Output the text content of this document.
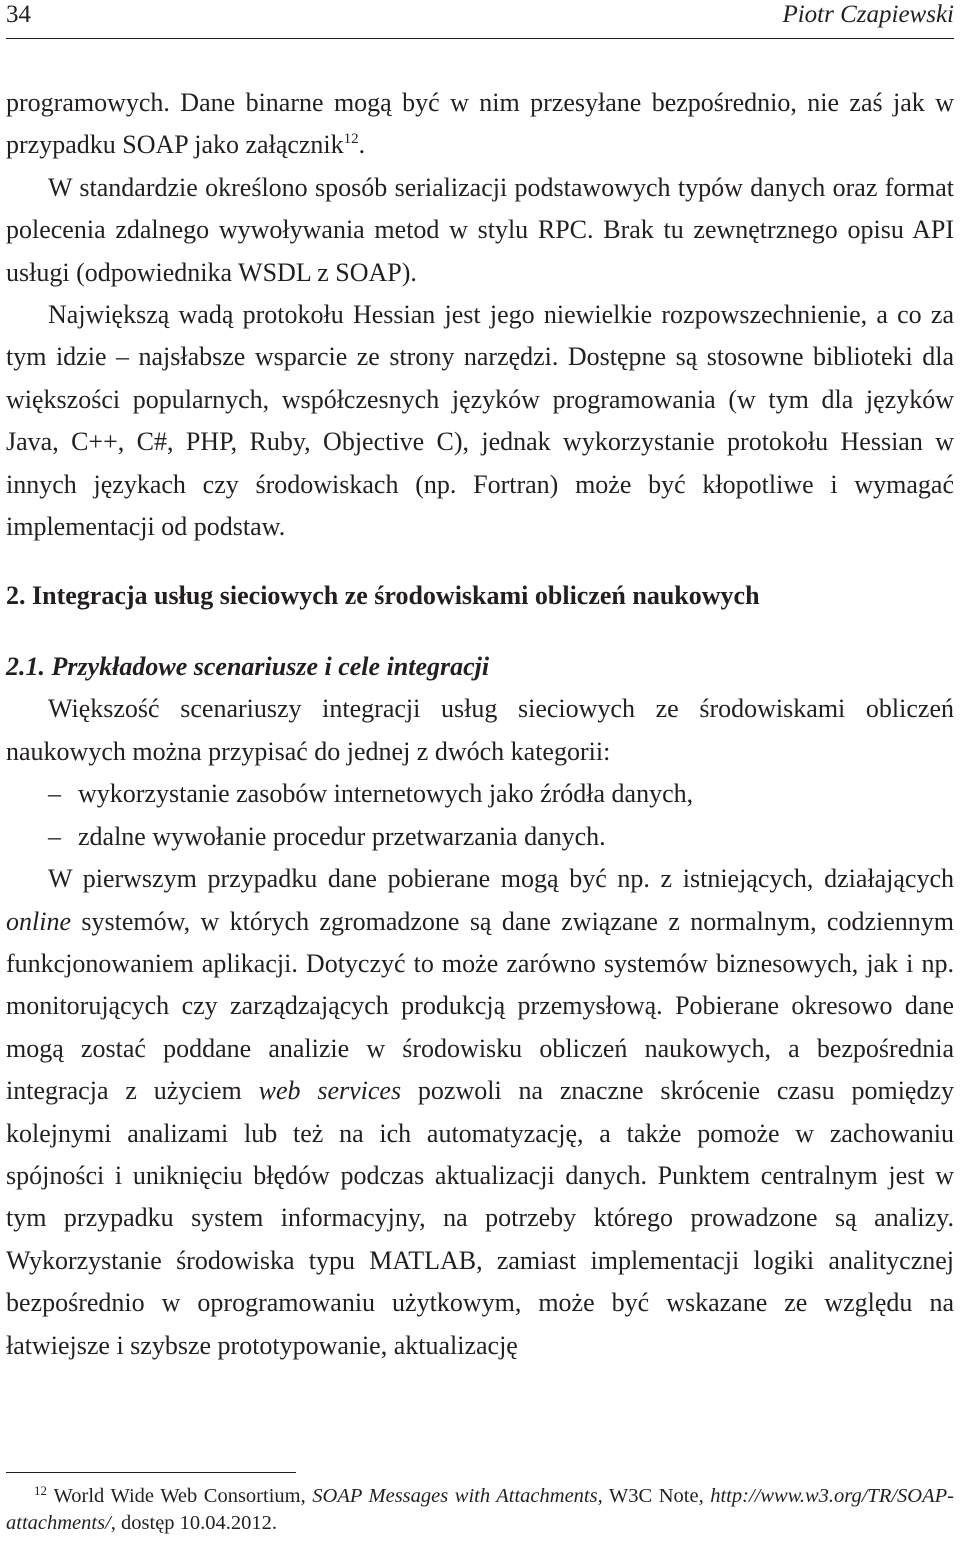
34	Piotr Czapiewski

programowych. Dane binarne mogą być w nim przesyłane bezpośrednio, nie zaś jak w przypadku SOAP jako załącznik$^{12}$.

W standardzie określono sposób serializacji podstawowych typów danych oraz format polecenia zdalnego wywoływania metod w stylu RPC. Brak tu zewnętrznego opisu API usługi (odpowiednika WSDL z SOAP).

Największą wadą protokołu Hessian jest jego niewielkie rozpowszechnienie, a co za tym idzie – najsłabsze wsparcie ze strony narzędzi. Dostępne są stosowne biblioteki dla większości popularnych, współczesnych języków programowania (w tym dla języków Java, C++, C#, PHP, Ruby, Objective C), jednak wykorzystanie protokołu Hessian w innych językach czy środowiskach (np. Fortran) może być kłopotliwe i wymagać implementacji od podstaw.

2. Integracja usług sieciowych ze środowiskami obliczeń naukowych
2.1. Przykładowe scenariusze i cele integracji

Większość scenariuszy integracji usług sieciowych ze środowiskami obliczeń naukowych można przypisać do jednej z dwóch kategorii:

– wykorzystanie zasobów internetowych jako źródła danych,
– zdalne wywołanie procedur przetwarzania danych.

W pierwszym przypadku dane pobierane mogą być np. z istniejących, działających online systemów, w których zgromadzone są dane związane z normalnym, codziennym funkcjonowaniem aplikacji. Dotyczyć to może zarówno systemów biznesowych, jak i np. monitorujących czy zarządzających produkcją przemysłową. Pobierane okresowo dane mogą zostać poddane analizie w środowisku obliczeń naukowych, a bezpośrednia integracja z użyciem web services pozwoli na znaczne skrócenie czasu pomiędzy kolejnymi analizami lub też na ich automatyzację, a także pomoże w zachowaniu spójności i uniknięciu błędów podczas aktualizacji danych. Punktem centralnym jest w tym przypadku system informacyjny, na potrzeby którego prowadzone są analizy. Wykorzystanie środowiska typu MATLAB, zamiast implementacji logiki analitycznej bezpośrednio w oprogramowaniu użytkowym, może być wskazane ze względu na łatwiejsze i szybsze prototypowanie, aktualizację

$^{12}$ World Wide Web Consortium, SOAP Messages with Attachments, W3C Note, http://www.w3.org/TR/SOAP-attachments/, dostęp 10.04.2012.
